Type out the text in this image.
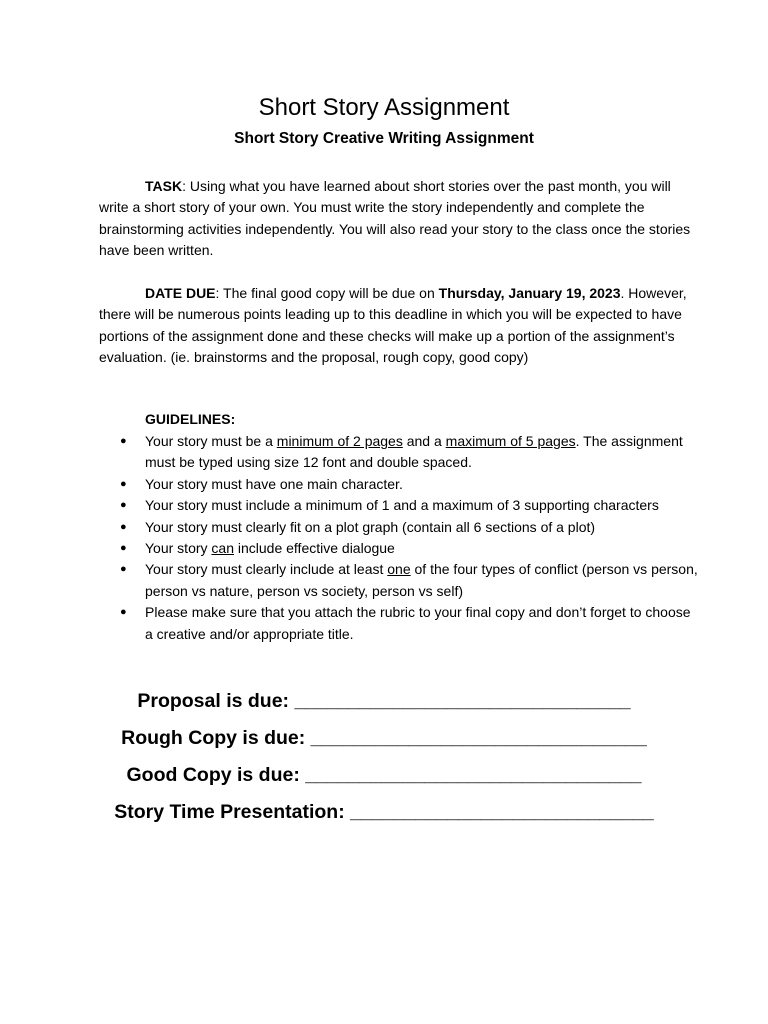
Short Story Assignment
Short Story Creative Writing Assignment

TASK: Using what you have learned about short stories over the past month, you will write a short story of your own. You must write the story independently and complete the brainstorming activities independently. You will also read your story to the class once the stories have been written.

DATE DUE: The final good copy will be due on Thursday, January 19, 2023. However, there will be numerous points leading up to this deadline in which you will be expected to have portions of the assignment done and these checks will make up a portion of the assignment’s evaluation. (ie. brainstorms and the proposal, rough copy, good copy)

GUIDELINES:

● Your story must be a minimum of 2 pages and a maximum of 5 pages. The assignment must be typed using size 12 font and double spaced.
● Your story must have one main character.
● Your story must include a minimum of 1 and a maximum of 3 supporting characters
● Your story must clearly fit on a plot graph (contain all 6 sections of a plot)
● Your story can include effective dialogue
● Your story must clearly include at least one of the four types of conflict (person vs person, person vs nature, person vs society, person vs self)
● Please make sure that you attach the rubric to your final copy and don’t forget to choose a creative and/or appropriate title.

Proposal is due: _______________________________

Rough Copy is due: _______________________________

Good Copy is due: _______________________________

Story Time Presentation: ____________________________
